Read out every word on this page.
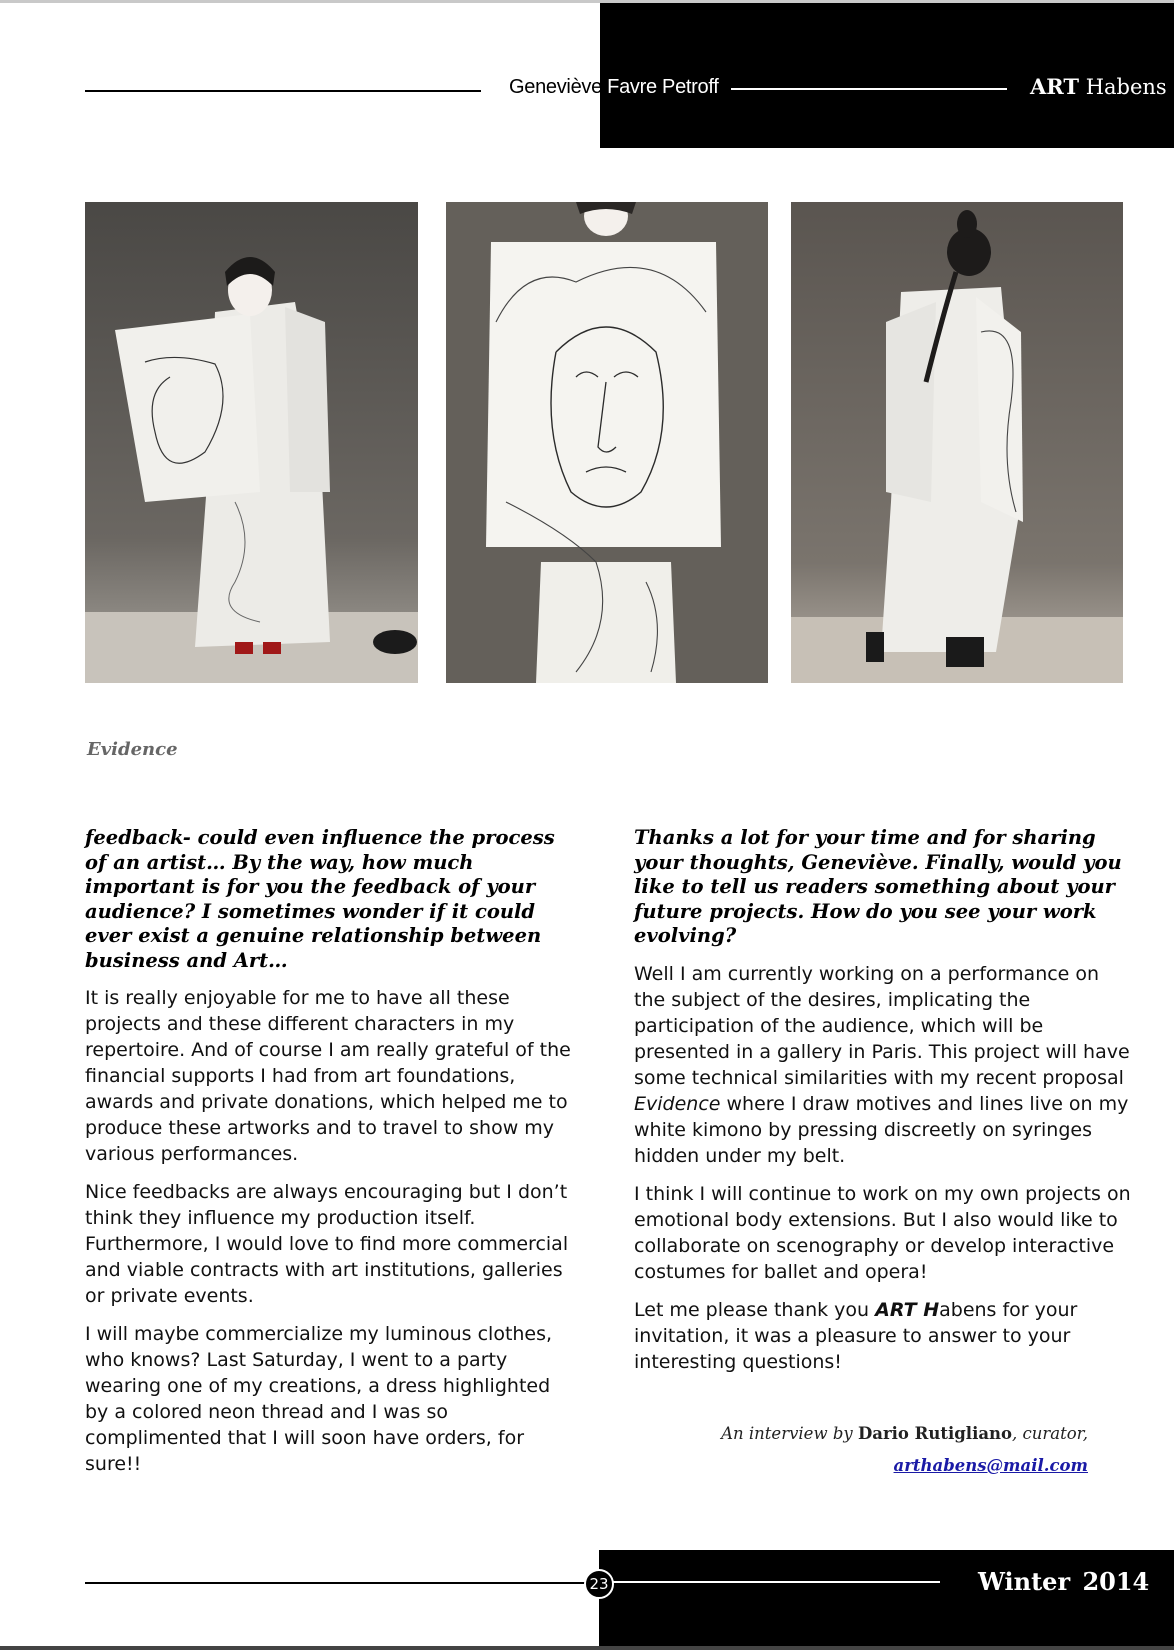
Geneviève Favre Petroff	ART Habens
Evidence

feedback- could even influence the process of an artist… By the way, how much important is for you the feedback of your audience? I sometimes wonder if it could ever exist a genuine relationship between business and Art…

It is really enjoyable for me to have all these projects and these different characters in my repertoire. And of course I am really grateful of the financial supports I had from art foundations, awards and private donations, which helped me to produce these artworks and to travel to show my various performances.

Nice feedbacks are always encouraging but I don’t think they influence my production itself. Furthermore, I would love to find more commercial and viable contracts with art institutions, galleries or private events.

I will maybe commercialize my luminous clothes, who knows? Last Saturday, I went to a party wearing one of my creations, a dress highlighted by a colored neon thread and I was so complimented that I will soon have orders, for sure!!

Thanks a lot for your time and for sharing your thoughts, Geneviève. Finally, would you like to tell us readers something about your future projects. How do you see your work evolving?

Well I am currently working on a performance on the subject of the desires, implicating the participation of the audience, which will be presented in a gallery in Paris. This project will have some technical similarities with my recent proposal Evidence where I draw motives and lines live on my white kimono by pressing discreetly on syringes hidden under my belt.

I think I will continue to work on my own projects on emotional body extensions. But I also would like to collaborate on scenography or develop interactive costumes for ballet and opera!

Let me please thank you ART Habens for your invitation, it was a pleasure to answer to your interesting questions!

An interview by Dario Rutigliano, curator,
arthabens@mail.com
23	Winter 2014
